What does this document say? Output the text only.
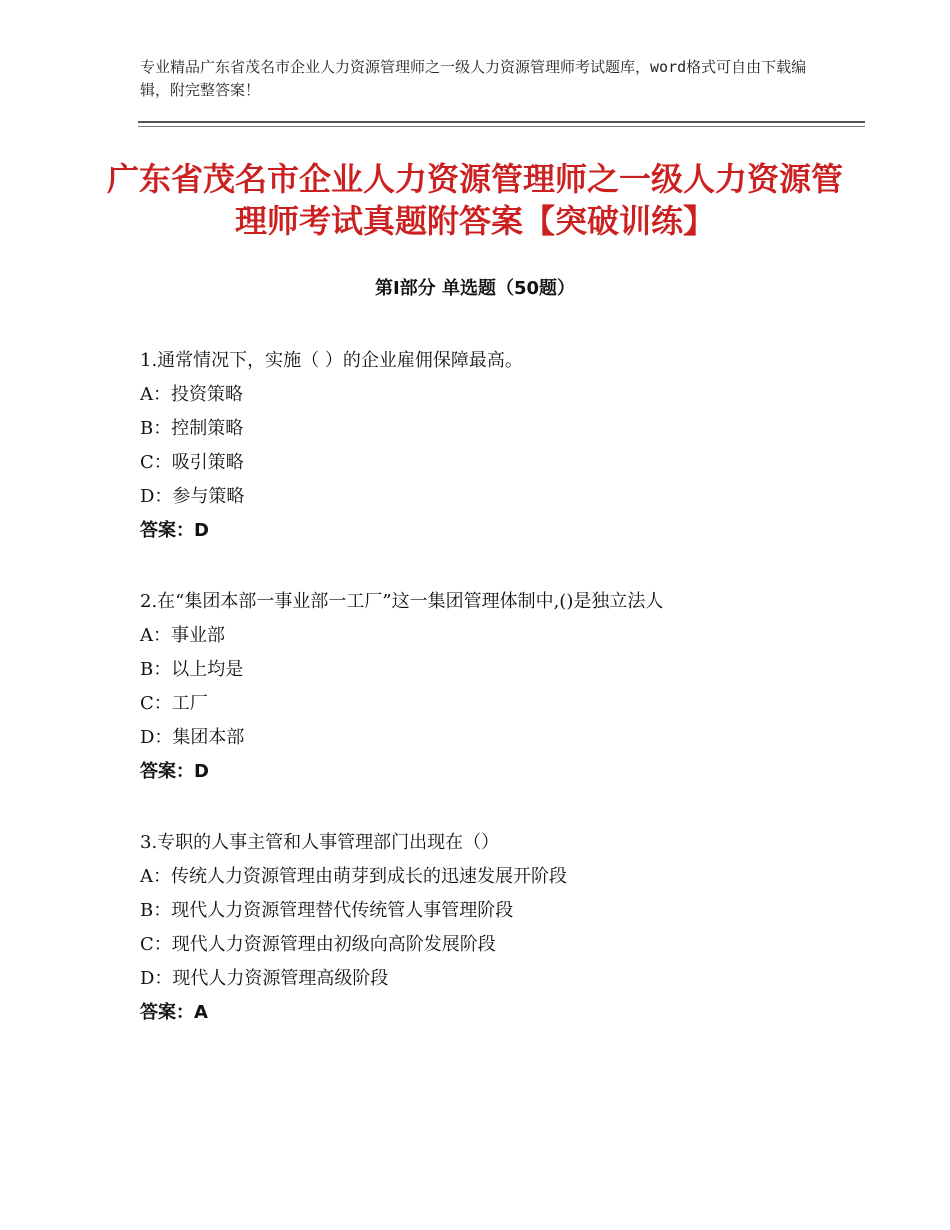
专业精品广东省茂名市企业人力资源管理师之一级人力资源管理师考试题库，word格式可自由下载编辑，附完整答案！
广东省茂名市企业人力资源管理师之一级人力资源管理师考试真题附答案【突破训练】
第Ⅰ部分 单选题（50题）
1.通常情况下，实施（ ）的企业雇佣保障最高。
A：投资策略
B：控制策略
C：吸引策略
D：参与策略
答案：D
2.在“集团本部一事业部一工厂”这一集团管理体制中,()是独立法人
A：事业部
B：以上均是
C：工厂
D：集团本部
答案：D
3.专职的人事主管和人事管理部门出现在（）
A：传统人力资源管理由萌芽到成长的迅速发展开阶段
B：现代人力资源管理替代传统管人事管理阶段
C：现代人力资源管理由初级向高阶发展阶段
D：现代人力资源管理高级阶段
答案：A
